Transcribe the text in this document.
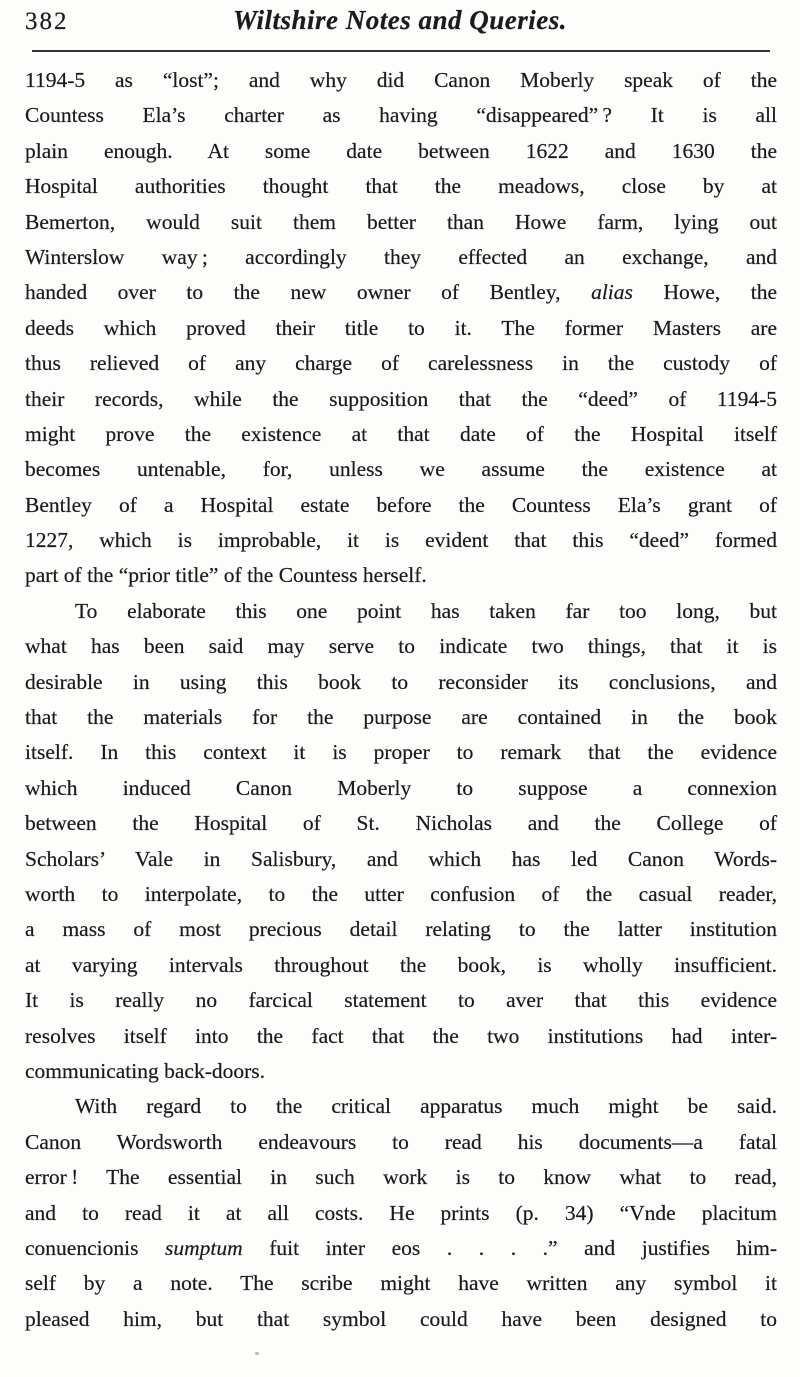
382	Wiltshire Notes and Queries.
1194-5 as “lost”; and why did Canon Moberly speak of the
Countess Ela’s charter as having “disappeared” ? It is all
plain enough. At some date between 1622 and 1630 the
Hospital authorities thought that the meadows, close by at
Bemerton, would suit them better than Howe farm, lying out
Winterslow way ; accordingly they effected an exchange, and
handed over to the new owner of Bentley, alias Howe, the
deeds which proved their title to it. The former Masters are
thus relieved of any charge of carelessness in the custody of
their records, while the supposition that the “deed” of 1194-5
might prove the existence at that date of the Hospital itself
becomes untenable, for, unless we assume the existence at
Bentley of a Hospital estate before the Countess Ela’s grant of
1227, which is improbable, it is evident that this “deed” formed
part of the “prior title” of the Countess herself.
To elaborate this one point has taken far too long, but
what has been said may serve to indicate two things, that it is
desirable in using this book to reconsider its conclusions, and
that the materials for the purpose are contained in the book
itself. In this context it is proper to remark that the evidence
which induced Canon Moberly to suppose a connexion
between the Hospital of St. Nicholas and the College of
Scholars’ Vale in Salisbury, and which has led Canon Words-
worth to interpolate, to the utter confusion of the casual reader,
a mass of most precious detail relating to the latter institution
at varying intervals throughout the book, is wholly insufficient.
It is really no farcical statement to aver that this evidence
resolves itself into the fact that the two institutions had inter-
communicating back-doors.
With regard to the critical apparatus much might be said.
Canon Wordsworth endeavours to read his documents—a fatal
error ! The essential in such work is to know what to read,
and to read it at all costs. He prints (p. 34) “Vnde placitum
conuencionis sumptum fuit inter eos . . . .” and justifies him-
self by a note. The scribe might have written any symbol it
pleased him, but that symbol could have been designed to
